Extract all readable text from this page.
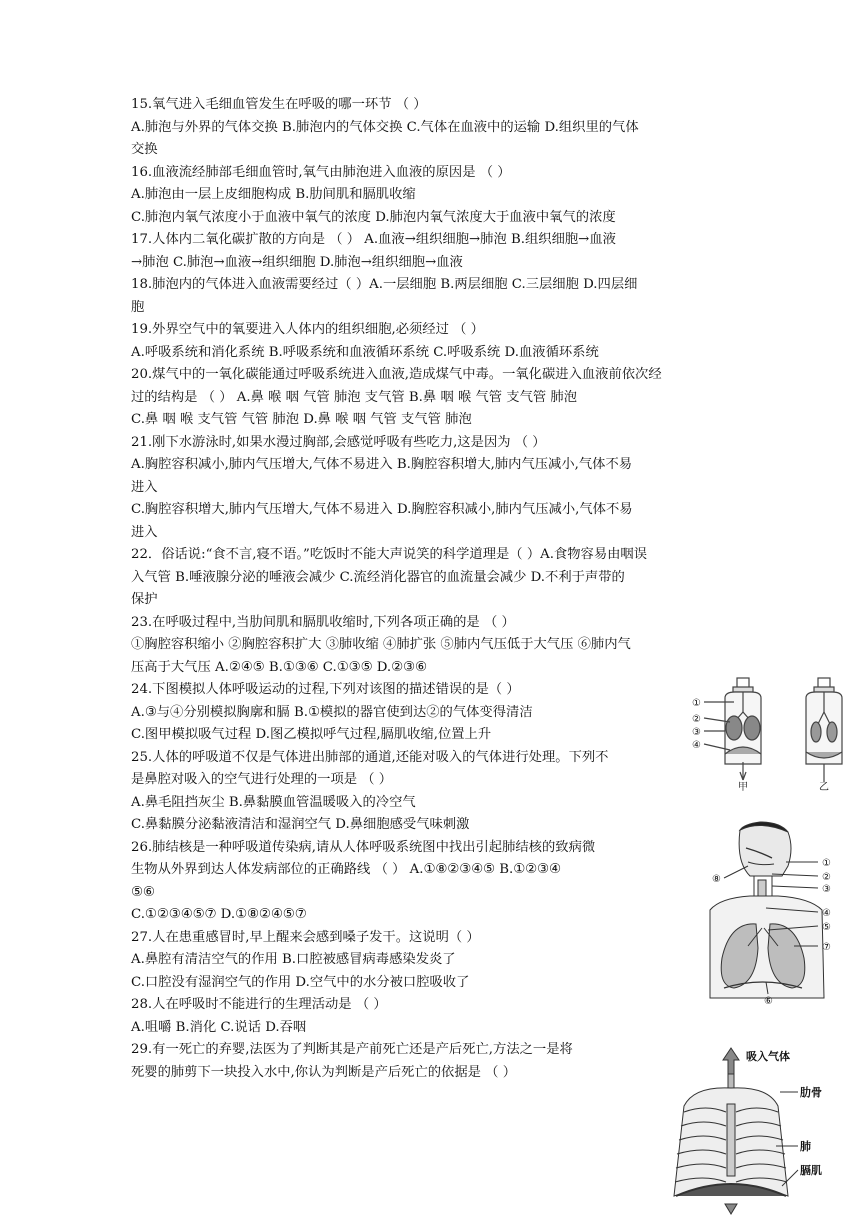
15.氧气进入毛细血管发生在呼吸的哪一环节 （ ）
A.肺泡与外界的气体交换 B.肺泡内的气体交换 C.气体在血液中的运输 D.组织里的气体
交换
16.血液流经肺部毛细血管时,氧气由肺泡进入血液的原因是 （ ）
A.肺泡由一层上皮细胞构成 B.肋间肌和膈肌收缩
C.肺泡内氧气浓度小于血液中氧气的浓度 D.肺泡内氧气浓度大于血液中氧气的浓度
17.人体内二氧化碳扩散的方向是 （ ） A.血液→组织细胞→肺泡 B.组织细胞→血液
→肺泡 C.肺泡→血液→组织细胞 D.肺泡→组织细胞→血液
18.肺泡内的气体进入血液需要经过（ ）A.一层细胞 B.两层细胞 C.三层细胞 D.四层细
胞
19.外界空气中的氧要进入人体内的组织细胞,必须经过 （ ）
A.呼吸系统和消化系统 B.呼吸系统和血液循环系统 C.呼吸系统 D.血液循环系统
20.煤气中的一氧化碳能通过呼吸系统进入血液,造成煤气中毒。一氧化碳进入血液前依次经
过的结构是 （ ） A.鼻 喉 咽 气管 肺泡 支气管 B.鼻 咽 喉 气管 支气管 肺泡
C.鼻 咽 喉 支气管 气管 肺泡 D.鼻 喉 咽 气管 支气管 肺泡
21.刚下水游泳时,如果水漫过胸部,会感觉呼吸有些吃力,这是因为 （ ）
A.胸腔容积减小,肺内气压增大,气体不易进入 B.胸腔容积增大,肺内气压减小,气体不易
进入
C.胸腔容积增大,肺内气压增大,气体不易进入 D.胸腔容积减小,肺内气压减小,气体不易
进入
22．俗话说:“食不言,寝不语。”吃饭时不能大声说笑的科学道理是（ ）A.食物容易由咽误
入气管 B.唾液腺分泌的唾液会减少 C.流经消化器官的血流量会减少 D.不利于声带的
保护
23.在呼吸过程中,当肋间肌和膈肌收缩时,下列各项正确的是 （ ）
①胸腔容积缩小 ②胸腔容积扩大 ③肺收缩 ④肺扩张 ⑤肺内气压低于大气压 ⑥肺内气
压高于大气压 A.②④⑤ B.①③⑥ C.①③⑤ D.②③⑥
24.下图模拟人体呼吸运动的过程,下列对该图的描述错误的是（ ）
A.③与④分别模拟胸廓和膈 B.①模拟的器官使到达②的气体变得清洁
C.图甲模拟吸气过程 D.图乙模拟呼气过程,膈肌收缩,位置上升
25.人体的呼吸道不仅是气体进出肺部的通道,还能对吸入的气体进行处理。下列不
是鼻腔对吸入的空气进行处理的一项是 （ ）
A.鼻毛阻挡灰尘 B.鼻黏膜血管温暖吸入的冷空气
C.鼻黏膜分泌黏液清洁和湿润空气 D.鼻细胞感受气味刺激
26.肺结核是一种呼吸道传染病,请从人体呼吸系统图中找出引起肺结核的致病微
生物从外界到达人体发病部位的正确路线 （ ） A.①⑧②③④⑤ B.①②③④
⑤⑥
C.①②③④⑤⑦ D.①⑧②④⑤⑦
27.人在患重感冒时,早上醒来会感到嗓子发干。这说明（ ）
A.鼻腔有清洁空气的作用 B.口腔被感冒病毒感染发炎了
C.口腔没有湿润空气的作用 D.空气中的水分被口腔吸收了
28.人在呼吸时不能进行的生理活动是 （ ）
A.咀嚼 B.消化 C.说话 D.吞咽
29.有一死亡的弃婴,法医为了判断其是产前死亡还是产后死亡,方法之一是将
死婴的肺剪下一块投入水中,你认为判断是产后死亡的依据是 （ ）
①
②
③
④
甲	乙
①
②
③
④
⑤
⑥
⑦
⑧
吸入气体
肋骨
肺
膈肌
